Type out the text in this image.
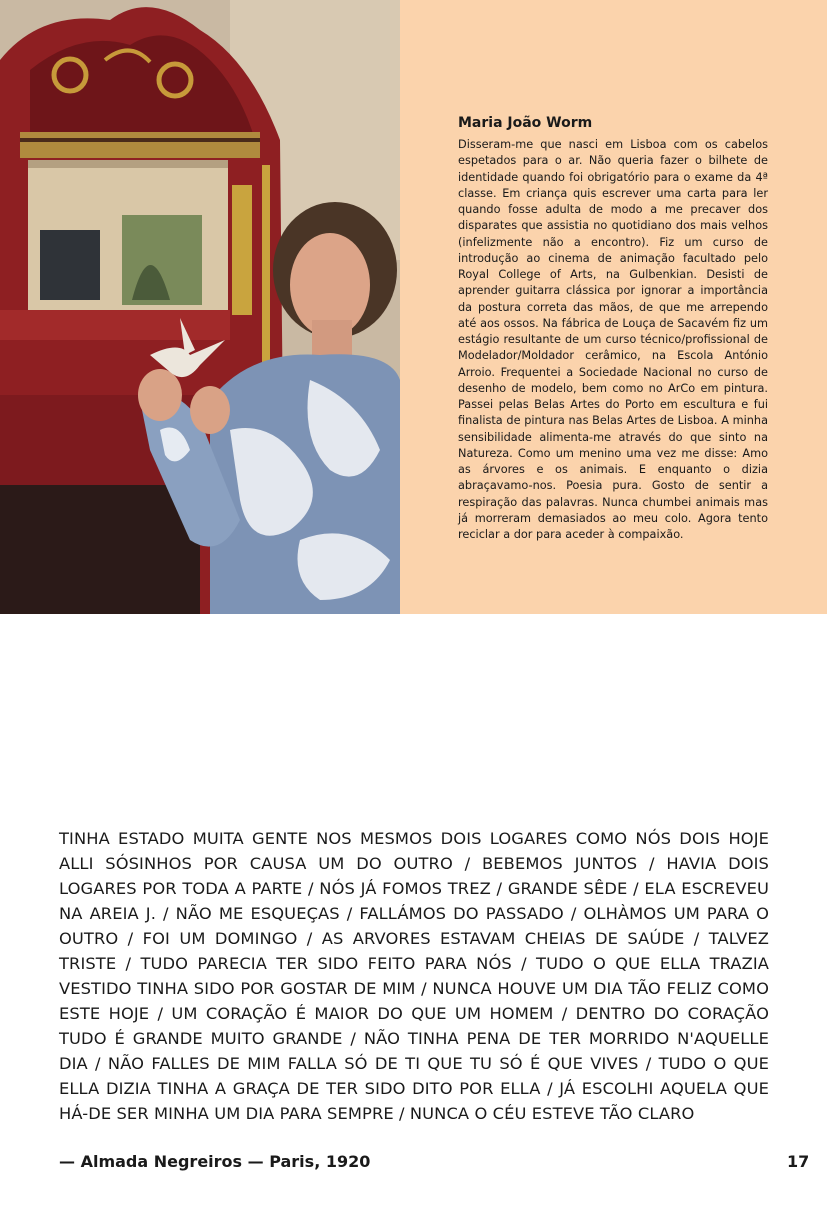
Maria João Worm

Disseram-me que nasci em Lisboa com os cabelos espetados para o ar. Não queria fazer o bilhete de identidade quando foi obrigatório para o exame da 4ª classe. Em criança quis escrever uma carta para ler quando fosse adulta de modo a me precaver dos disparates que assistia no quotidiano dos mais velhos (infelizmente não a encontro). Fiz um curso de introdução ao cinema de animação facultado pelo Royal College of Arts, na Gulbenkian. Desisti de aprender guitarra clássica por ignorar a importância da postura correta das mãos, de que me arrependo até aos ossos. Na fábrica de Louça de Sacavém fiz um estágio resultante de um curso técnico/profissional de Modelador/Moldador cerâmico, na Escola António Arroio. Frequentei a Sociedade Nacional no curso de desenho de modelo, bem como no ArCo em pintura. Passei pelas Belas Artes do Porto em escultura e fui finalista de pintura nas Belas Artes de Lisboa. A minha sensibilidade alimenta-me através do que sinto na Natureza. Como um menino uma vez me disse: Amo as árvores e os animais. E enquanto o dizia abraçavamo-nos. Poesia pura. Gosto de sentir a respiração das palavras. Nunca chumbei animais mas já morreram demasiados ao meu colo. Agora tento reciclar a dor para aceder à compaixão.

TINHA ESTADO MUITA GENTE NOS MESMOS DOIS LOGARES COMO NÓS DOIS HOJE ALLI SÓSINHOS POR CAUSA UM DO OUTRO / BEBEMOS JUNTOS / HAVIA DOIS LOGARES POR TODA A PARTE / NÓS JÁ FOMOS TREZ / GRANDE SÊDE / ELA ESCREVEU NA AREIA J. / NÃO ME ESQUEÇAS / FALLÁMOS DO PASSADO / OLHÀMOS UM PARA O OUTRO / FOI UM DOMINGO / AS ARVORES ESTAVAM CHEIAS DE SAÚDE / TALVEZ TRISTE / TUDO PARECIA TER SIDO FEITO PARA NÓS / TUDO O QUE ELLA TRAZIA VESTIDO TINHA SIDO POR GOSTAR DE MIM / NUNCA HOUVE UM DIA TÃO FELIZ COMO ESTE HOJE / UM CORAÇÃO É MAIOR DO QUE UM HOMEM / DENTRO DO CORAÇÃO TUDO É GRANDE MUITO GRANDE / NÃO TINHA PENA DE TER MORRIDO N'AQUELLE DIA / NÃO FALLES DE MIM FALLA SÓ DE TI QUE TU SÓ É QUE VIVES / TUDO O QUE ELLA DIZIA TINHA A GRAÇA DE TER SIDO DITO POR ELLA / JÁ ESCOLHI AQUELA QUE HÁ-DE SER MINHA UM DIA PARA SEMPRE / NUNCA O CÉU ESTEVE TÃO CLARO

— Almada Negreiros — Paris, 1920	17
